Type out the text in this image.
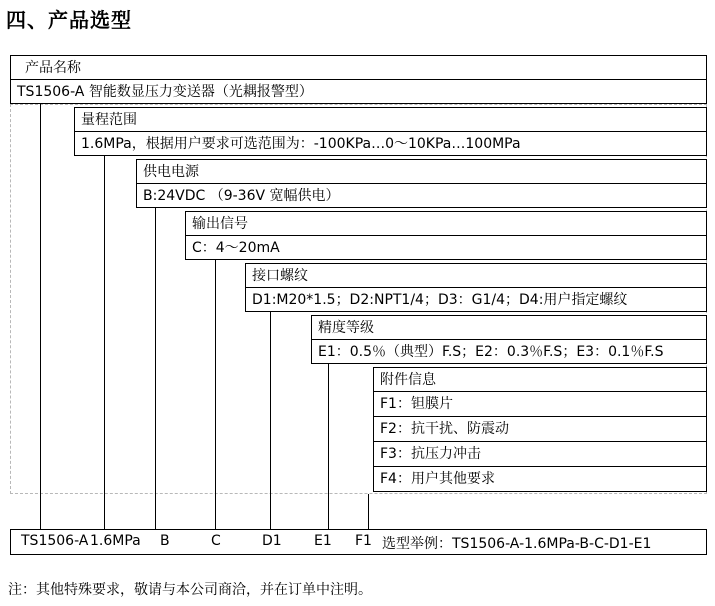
四、产品选型
产品名称
TS1506-A 智能数显压力变送器（光耦报警型）
量程范围
1.6MPa，根据用户要求可选范围为：-100KPa…0～10KPa…100MPa
供电电源
B:24VDC （9-36V 宽幅供电）
输出信号
C：4～20mA
接口螺纹
D1:M20*1.5；D2:NPT1/4；D3：G1/4；D4:用户指定螺纹
精度等级
E1：0.5％（典型）F.S；E2：0.3％F.S；E3：0.1％F.S
附件信息
F1：钽膜片
F2：抗干扰、防震动
F3：抗压力冲击
F4：用户其他要求
TS1506-A 1.6MPa B	C	D1 E1 F1 选型举例：TS1506-A-1.6MPa-B-C-D1-E1
注：其他特殊要求，敬请与本公司商洽，并在订单中注明。
